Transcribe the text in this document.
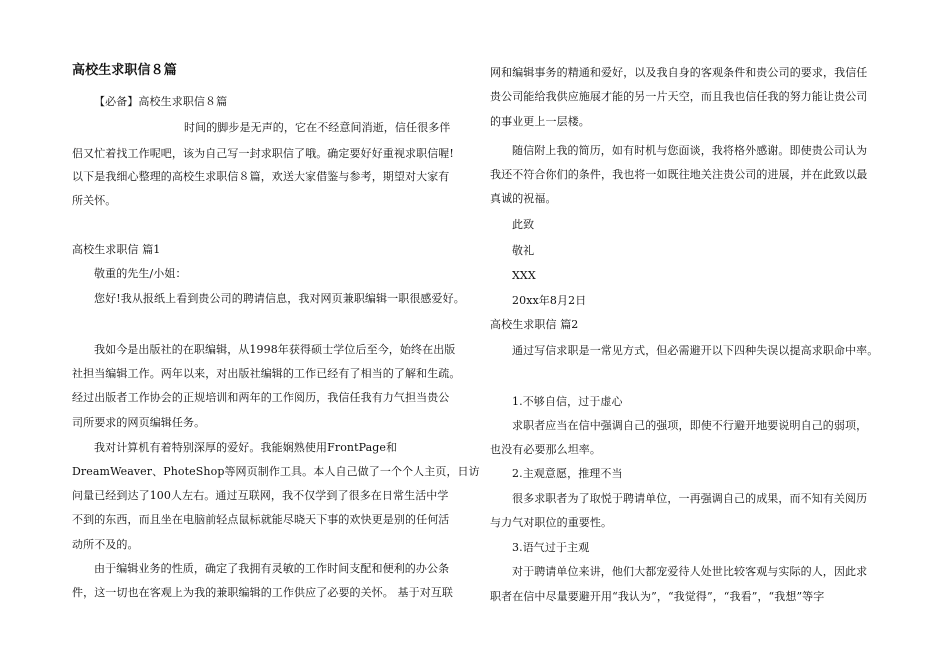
高校生求职信８篇
【必备】高校生求职信８篇
时间的脚步是无声的，它在不经意间消逝，信任很多伴
侣又忙着找工作呢吧，该为自己写一封求职信了哦。确定要好好重视求职信喔!
以下是我细心整理的高校生求职信８篇，欢送大家借鉴与参考，期望对大家有
所关怀。
高校生求职信 篇1
敬重的先生/小姐：
您好!我从报纸上看到贵公司的聘请信息，我对网页兼职编辑一职很感爱好。
我如今是出版社的在职编辑，从1998年获得硕士学位后至今，始终在出版
社担当编辑工作。两年以来，对出版社编辑的工作已经有了相当的了解和生疏。
经过出版者工作协会的正规培训和两年的工作阅历，我信任我有力气担当贵公
司所要求的网页编辑任务。
我对计算机有着特别深厚的爱好。我能娴熟使用FrontPage和
DreamWeaver、PhoteShop等网页制作工具。本人自己做了一个个人主页，日访
问量已经到达了100人左右。通过互联网，我不仅学到了很多在日常生活中学
不到的东西，而且坐在电脑前轻点鼠标就能尽晓天下事的欢快更是别的任何活
动所不及的。
由于编辑业务的性质，确定了我拥有灵敏的工作时间支配和便利的办公条
件，这一切也在客观上为我的兼职编辑的工作供应了必要的关怀。 基于对互联
网和编辑事务的精通和爱好，以及我自身的客观条件和贵公司的要求，我信任
贵公司能给我供应施展才能的另一片天空，而且我也信任我的努力能让贵公司
的事业更上一层楼。
随信附上我的简历，如有时机与您面谈，我将格外感谢。即使贵公司认为
我还不符合你们的条件，我也将一如既往地关注贵公司的进展，并在此致以最
真诚的祝福。
此致
敬礼
XXX
20xx年8月2日
高校生求职信 篇2
通过写信求职是一常见方式，但必需避开以下四种失误以提高求职命中率。
1.不够自信，过于虚心
求职者应当在信中强调自己的强项，即使不行避开地要说明自己的弱项，
也没有必要那么坦率。
2.主观意愿，推理不当
很多求职者为了取悦于聘请单位，一再强调自己的成果，而不知有关阅历
与力气对职位的重要性。
3.语气过于主观
对于聘请单位来讲，他们大都宠爱待人处世比较客观与实际的人，因此求
职者在信中尽量要避开用“我认为”，“我觉得”，“我看”，“我想”等字
